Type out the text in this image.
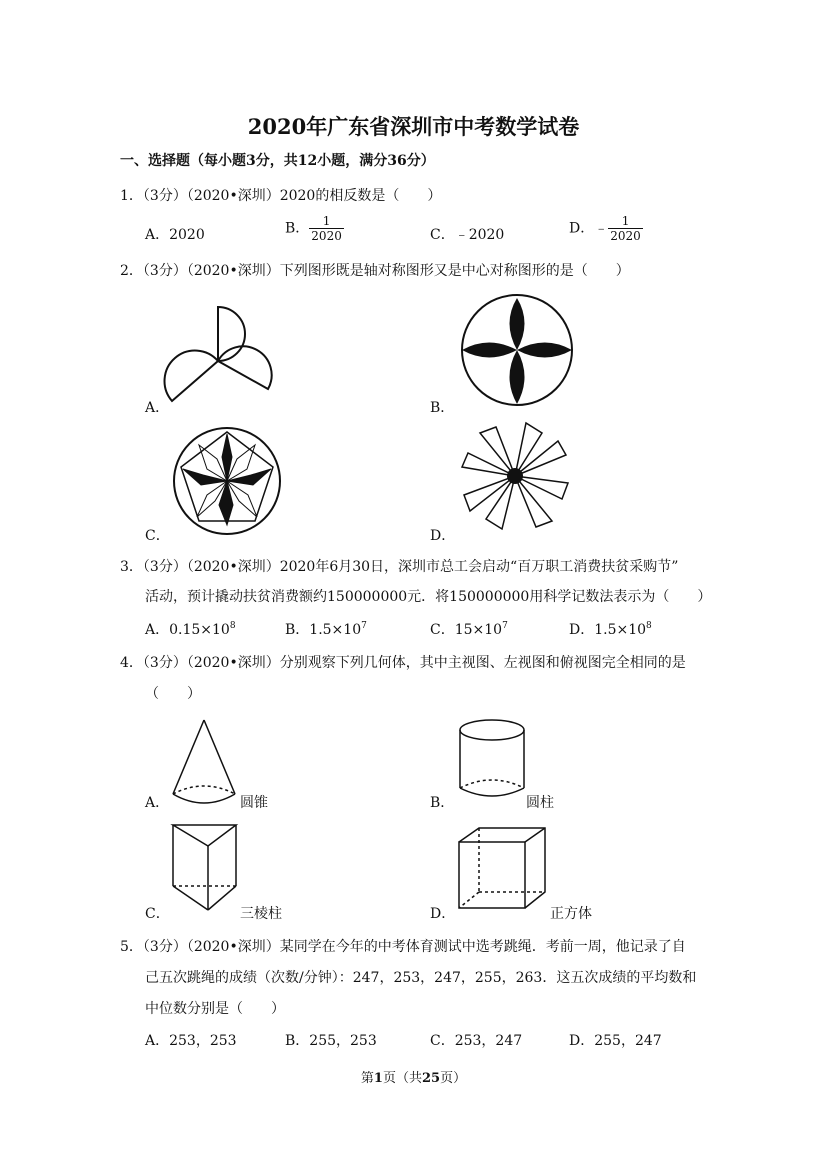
2020年广东省深圳市中考数学试卷
一、选择题（每小题3分，共12小题，满分36分）
1．（3分）（2020•深圳）2020的相反数是（　　）
A．2020	B． $\frac{1}{2020}$	C．﹣2020	D．﹣ $\frac{1}{2020}$
2．（3分）（2020•深圳）下列图形既是轴对称图形又是中心对称图形的是（　　）
A．	B．
C．	D．
3．（3分）（2020•深圳）2020年6月30日，深圳市总工会启动“百万职工消费扶贫采购节”
活动，预计撬动扶贫消费额约150000000元．将150000000用科学记数法表示为（　　）
A．$0.15\times 10^8$	B．$1.5\times 10^7$	C．$15\times 10^7$	D．$1.5\times 10^8$
4．（3分）（2020•深圳）分别观察下列几何体，其中主视图、左视图和俯视图完全相同的是
（　　）
A．	圆锥	B．	圆柱
C．	三棱柱	D．	正方体
5．（3分）（2020•深圳）某同学在今年的中考体育测试中选考跳绳．考前一周，他记录了自
己五次跳绳的成绩（次数/分钟）：247，253，247，255，263．这五次成绩的平均数和
中位数分别是（　　）
A．253，253	B．255，253	C．253，247	D．255，247
第1页（共25页）
